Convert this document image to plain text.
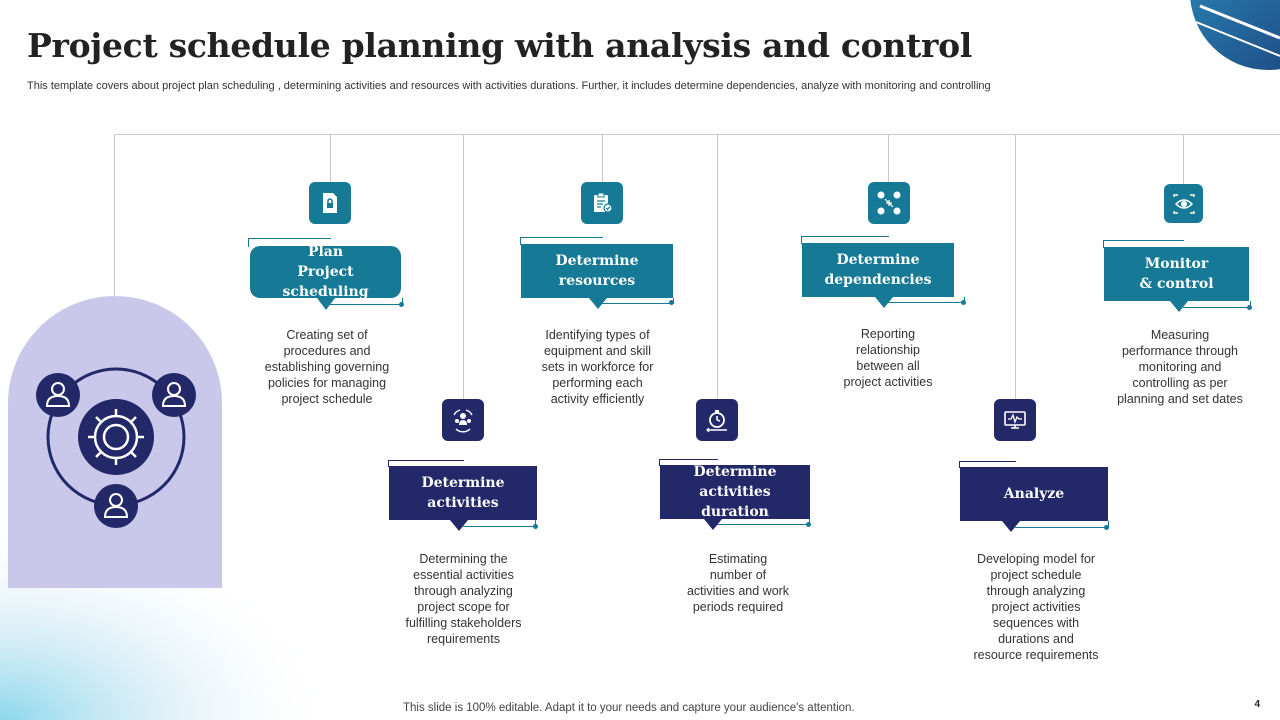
Project schedule planning with analysis and control
This template covers about project plan scheduling , determining activities and resources with activities durations. Further, it includes determine dependencies, analyze with monitoring and controlling
Plan
Project scheduling
Creating set of
procedures and
establishing governing
policies for managing
project schedule
Determine
resources
Identifying types of
equipment and skill
sets in workforce for
performing each
activity efficiently
Determine
dependencies
Reporting
relationship
between all
project activities
Monitor
& control
Measuring
performance through
monitoring and
controlling as per
planning and set dates
Determine
activities
Determining the
essential activities
through analyzing
project scope for
fulfilling stakeholders
requirements
Determine
activities duration
Estimating
number of
activities and work
periods required
Analyze
Developing model for
project schedule
through analyzing
project activities
sequences with
durations and
resource requirements
This slide is 100% editable. Adapt it to your needs and capture your audience's attention.	4
